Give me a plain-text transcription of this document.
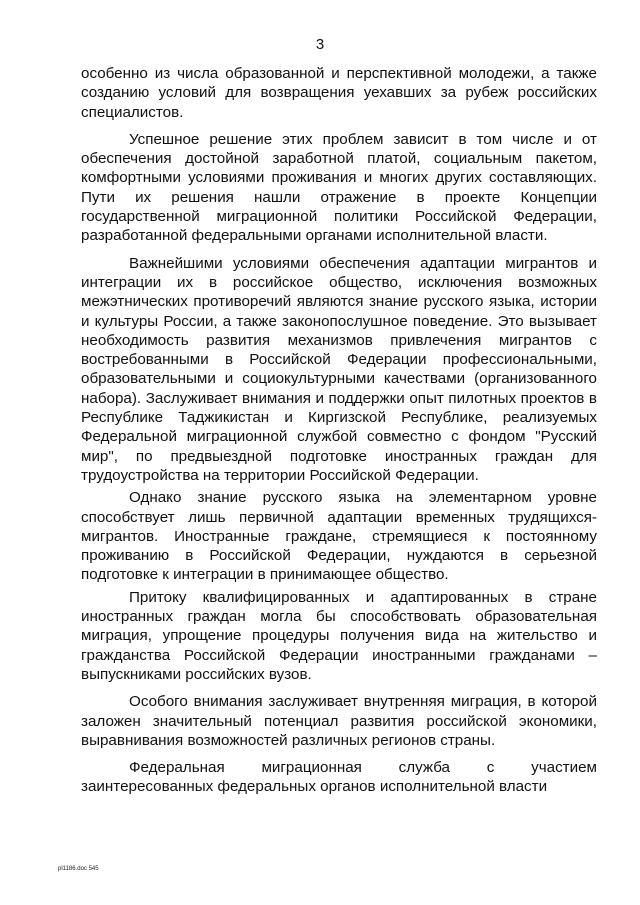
3

особенно из числа образованной и перспективной молодежи, а также созданию условий для возвращения уехавших за рубеж российских специалистов.

Успешное решение этих проблем зависит в том числе и от обеспечения достойной заработной платой, социальным пакетом, комфортными условиями проживания и многих других составляющих. Пути их решения нашли отражение в проекте Концепции государственной миграционной политики Российской Федерации, разработанной федеральными органами исполнительной власти.

Важнейшими условиями обеспечения адаптации мигрантов и интеграции их в российское общество, исключения возможных межэтнических противоречий являются знание русского языка, истории и культуры России, а также законопослушное поведение. Это вызывает необходимость развития механизмов привлечения мигрантов с востребованными в Российской Федерации профессиональными, образовательными и социокультурными качествами (организованного набора). Заслуживает внимания и поддержки опыт пилотных проектов в Республике Таджикистан и Киргизской Республике, реализуемых Федеральной миграционной службой совместно с фондом "Русский мир", по предвыездной подготовке иностранных граждан для трудоустройства на территории Российской Федерации.

Однако знание русского языка на элементарном уровне способствует лишь первичной адаптации временных трудящихся-мигрантов. Иностранные граждане, стремящиеся к постоянному проживанию в Российской Федерации, нуждаются в серьезной подготовке к интеграции в принимающее общество.

Притоку квалифицированных и адаптированных в стране иностранных граждан могла бы способствовать образовательная миграция, упрощение процедуры получения вида на жительство и гражданства Российской Федерации иностранными гражданами – выпускниками российских вузов.

Особого внимания заслуживает внутренняя миграция, в которой заложен значительный потенциал развития российской экономики, выравнивания возможностей различных регионов страны.

Федеральная миграционная служба с участием заинтересованных федеральных органов исполнительной власти

pl1186.doc 545
